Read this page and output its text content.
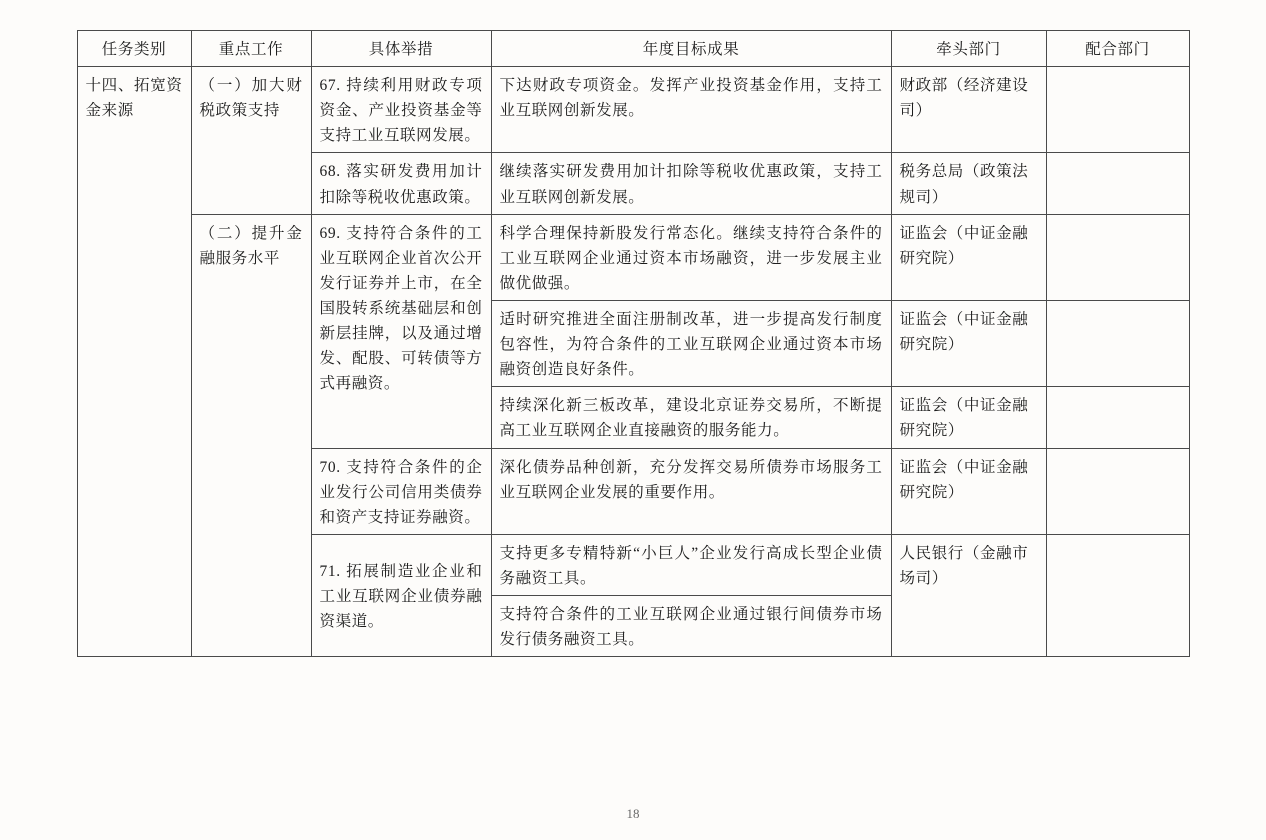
任务类别	重点工作	具体举措	年度目标成果	牵头部门	配合部门
十四、拓宽资金来源	（一）加大财税政策支持	67. 持续利用财政专项资金、产业投资基金等支持工业互联网发展。	下达财政专项资金。发挥产业投资基金作用，支持工业互联网创新发展。	财政部（经济建设司）	
		68. 落实研发费用加计扣除等税收优惠政策。	继续落实研发费用加计扣除等税收优惠政策，支持工业互联网创新发展。	税务总局（政策法规司）	
	（二）提升金融服务水平	69. 支持符合条件的工业互联网企业首次公开发行证券并上市，在全国股转系统基础层和创新层挂牌，以及通过增发、配股、可转债等方式再融资。	科学合理保持新股发行常态化。继续支持符合条件的工业互联网企业通过资本市场融资，进一步发展主业做优做强。	证监会（中证金融研究院）	
			适时研究推进全面注册制改革，进一步提高发行制度包容性，为符合条件的工业互联网企业通过资本市场融资创造良好条件。	证监会（中证金融研究院）	
			持续深化新三板改革，建设北京证券交易所，不断提高工业互联网企业直接融资的服务能力。	证监会（中证金融研究院）	
		70. 支持符合条件的企业发行公司信用类债券和资产支持证券融资。	深化债券品种创新，充分发挥交易所债券市场服务工业互联网企业发展的重要作用。	证监会（中证金融研究院）	
		71. 拓展制造业企业和工业互联网企业债券融资渠道。	支持更多专精特新“小巨人”企业发行高成长型企业债务融资工具。	人民银行（金融市场司）	
			支持符合条件的工业互联网企业通过银行间债券市场发行债务融资工具。		
18
